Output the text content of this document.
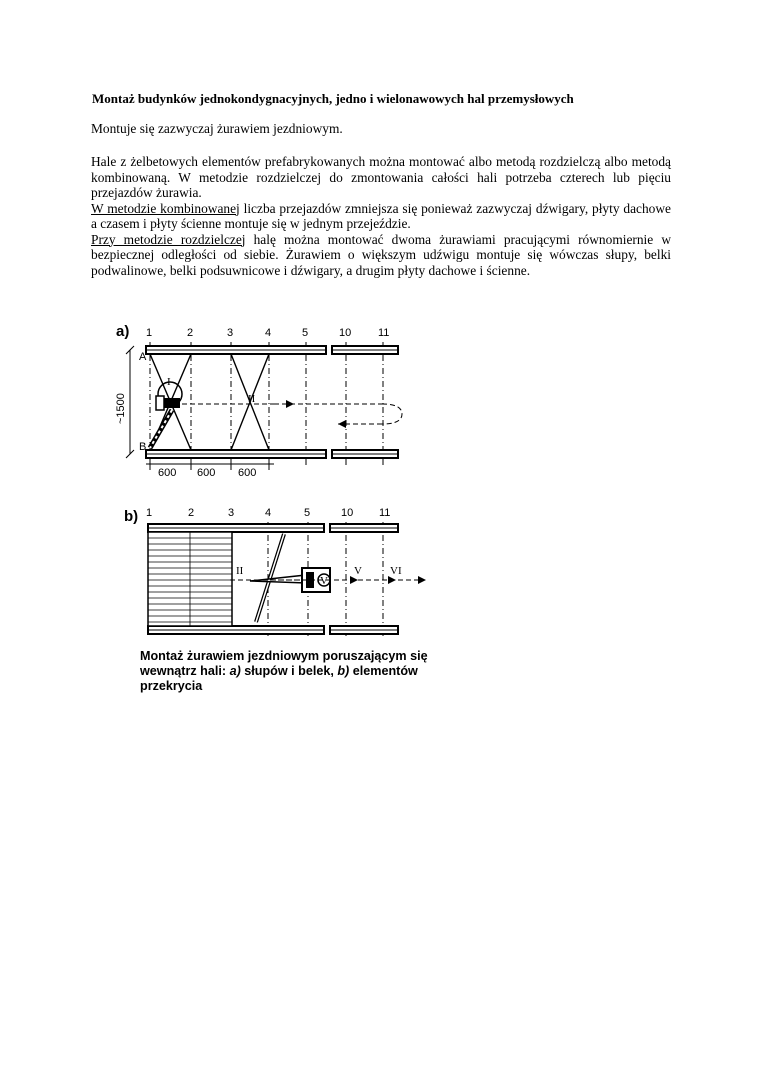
Montaż budynków jednokondygnacyjnych, jedno i wielonawowych hal przemysłowych
Montuje się zazwyczaj żurawiem jezdniowym.
Hale z żelbetowych elementów prefabrykowanych można montować albo metodą rozdzielczą albo metodą kombinowaną. W metodzie rozdzielczej do zmontowania całości hali potrzeba czterech lub pięciu przejazdów żurawia.
W metodzie kombinowanej liczba przejazdów zmniejsza się ponieważ zazwyczaj dźwigary, płyty dachowe a czasem i płyty ścienne montuje się w jednym przejeździe.
Przy metodzie rozdzielczej halę można montować dwoma żurawiami pracującymi równomiernie w bezpiecznej odległości od siebie. Żurawiem o większym udźwigu montuje się wówczas słupy, belki podwalinowe, belki podsuwnicowe i dźwigary, a drugim płyty dachowe i ścienne.
a) 1	2	3	4	5	10 11
A
B
I
II
~1500
600 600 600
b) 1	2	3	4	5	10 11
V
II	V	VI
Montaż żurawiem jezdniowym poruszającym się
wewnątrz hali: a) słupów i belek, b) elementów
przekrycia
